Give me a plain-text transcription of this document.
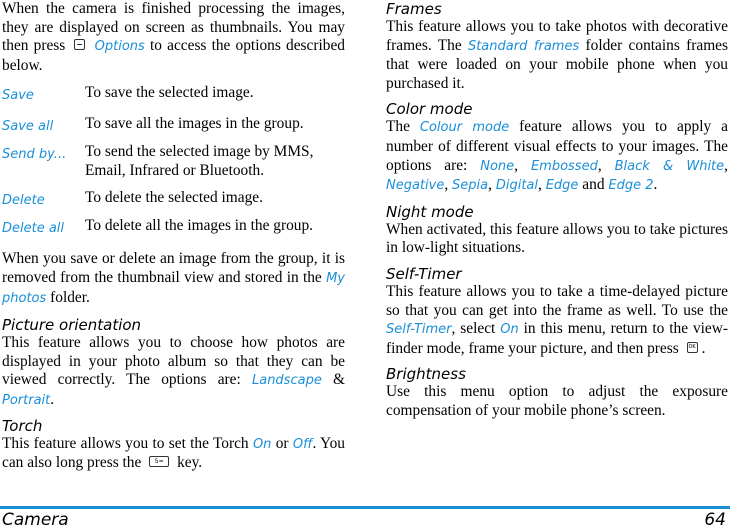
When the camera is finished processing the images, they are displayed on screen as thumbnails. You may then press Options to access the options described below.

Save	To save the selected image.
Save all	To save all the images in the group.
Send by...	To send the selected image by MMS, Email, Infrared or Bluetooth.
Delete	To delete the selected image.
Delete all	To delete all the images in the group.

When you save or delete an image from the group, it is removed from the thumbnail view and stored in the My photos folder.

Picture orientation

This feature allows you to choose how photos are displayed in your photo album so that they can be viewed correctly. The options are: Landscape & Portrait.

Torch

This feature allows you to set the Torch On or Off. You can also long press the 5= key.

Frames

This feature allows you to take photos with decorative frames. The Standard frames folder contains frames that were loaded on your mobile phone when you purchased it.

Color mode

The Colour mode feature allows you to apply a number of different visual effects to your images. The options are: None, Embossed, Black & White, Negative, Sepia, Digital, Edge and Edge 2.

Night mode

When activated, this feature allows you to take pictures in low-light situations.

Self-Timer

This feature allows you to take a time-delayed picture so that you can get into the frame as well. To use the Self-Timer, select On in this menu, return to the view-finder mode, frame your picture, and then press OK .

Brightness

Use this menu option to adjust the exposure compensation of your mobile phone’s screen.

Camera	64
